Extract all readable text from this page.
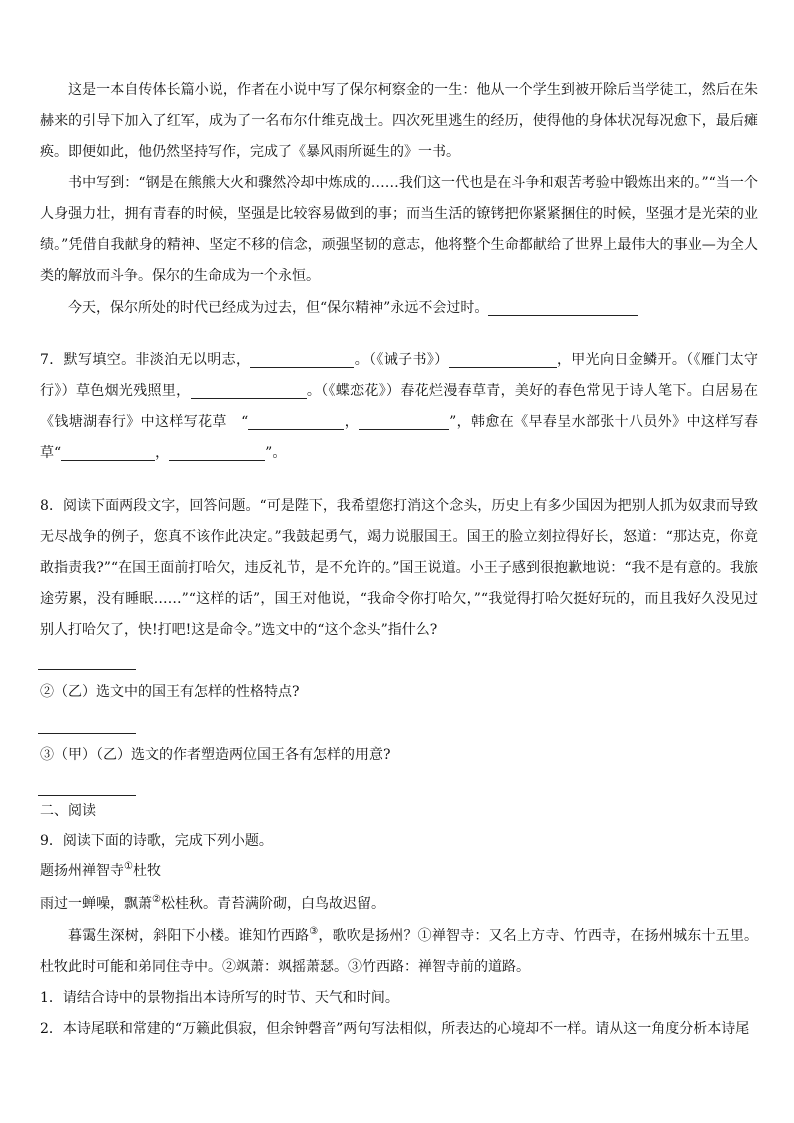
这是一本自传体长篇小说，作者在小说中写了保尔柯察金的一生：他从一个学生到被开除后当学徒工，然后在朱赫来的引导下加入了红军，成为了一名布尔什维克战士。四次死里逃生的经历，使得他的身体状况每况愈下，最后瘫痪。即便如此，他仍然坚持写作，完成了《暴风雨所诞生的》一书。

书中写到：“钢是在熊熊大火和骤然冷却中炼成的……我们这一代也是在斗争和艰苦考验中锻炼出来的。”“当一个人身强力壮，拥有青春的时候，坚强是比较容易做到的事；而当生活的镣铐把你紧紧捆住的时候，坚强才是光荣的业绩。”凭借自我献身的精神、坚定不移的信念，顽强坚韧的意志，他将整个生命都献给了世界上最伟大的事业—为全人类的解放而斗争。保尔的生命成为一个永恒。

今天，保尔所处的时代已经成为过去，但“保尔精神”永远不会过时。

7．默写填空。非淡泊无以明志，	。（《诫子书》）	，甲光向日金鳞开。（《雁门太守行》）草色烟光残照里，	。（《蝶恋花》）春花烂漫春草青，美好的春色常见于诗人笔下。白居易在《钱塘湖春行》中这样写花草　“	，	”，韩愈在《早春呈水部张十八员外》中这样写春草“	，	”。

8．阅读下面两段文字，回答问题。“可是陛下，我希望您打消这个念头，历史上有多少国因为把别人抓为奴隶而导致无尽战争的例子，您真不该作此决定。”我鼓起勇气，竭力说服国王。国王的脸立刻拉得好长，怒道：“那达克，你竟敢指责我?”“在国王面前打哈欠，违反礼节，是不允许的。”国王说道。小王子感到很抱歉地说：“我不是有意的。我旅途劳累，没有睡眠……”“这样的话”，国王对他说，“我命令你打哈欠，”“我觉得打哈欠挺好玩的，而且我好久没见过别人打哈欠了，快!打吧!这是命令。”选文中的“这个念头”指什么?

②（乙）选文中的国王有怎样的性格特点?

③（甲）（乙）选文的作者塑造两位国王各有怎样的用意?

二、阅读

9．阅读下面的诗歌，完成下列小题。

题扬州禅智寺①杜牧

雨过一蝉噪，飘萧②松桂秋。青苔满阶砌，白鸟故迟留。

暮霭生深树，斜阳下小楼。谁知竹西路③，歌吹是扬州？①禅智寺：又名上方寺、竹西寺，在扬州城东十五里。杜牧此时可能和弟同住寺中。②飒萧：飒摇萧瑟。③竹西路：禅智寺前的道路。

1．请结合诗中的景物指出本诗所写的时节、天气和时间。

2．本诗尾联和常建的“万籁此俱寂，但余钟磬音”两句写法相似，所表达的心境却不一样。请从这一角度分析本诗尾
